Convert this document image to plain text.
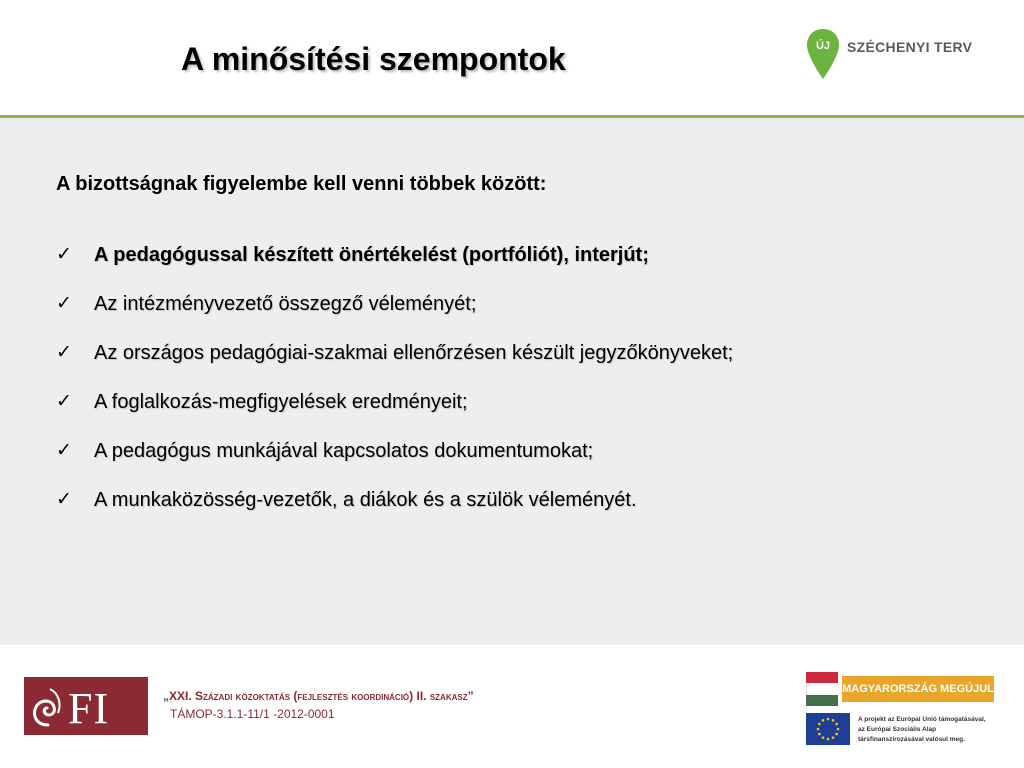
A minősítési szempontok	ÚJ SZÉCHENYI TERV
A bizottságnak figyelembe kell venni többek között:
✓ A pedagógussal készített önértékelést (portfóliót), interjút;
✓ Az intézményvezető összegző véleményét;
✓ Az országos pedagógiai-szakmai ellenőrzésen készült jegyzőkönyveket;
✓ A foglalkozás-megfigyelések eredményeit;
✓ A pedagógus munkájával kapcsolatos dokumentumokat;
✓ A munkaközösség-vezetők, a diákok és a szülök véleményét.
FI	„XXI. Századi közoktatás (fejlesztés koordináció) II. szakasz”
TÁMOP-3.1.1-11/1 -2012-0001
MAGYARORSZÁG MEGÚJUL
A projekt az Európai Unió támogatásával,
az Európai Szociális Alap
társfinanszírozásával valósul meg.
